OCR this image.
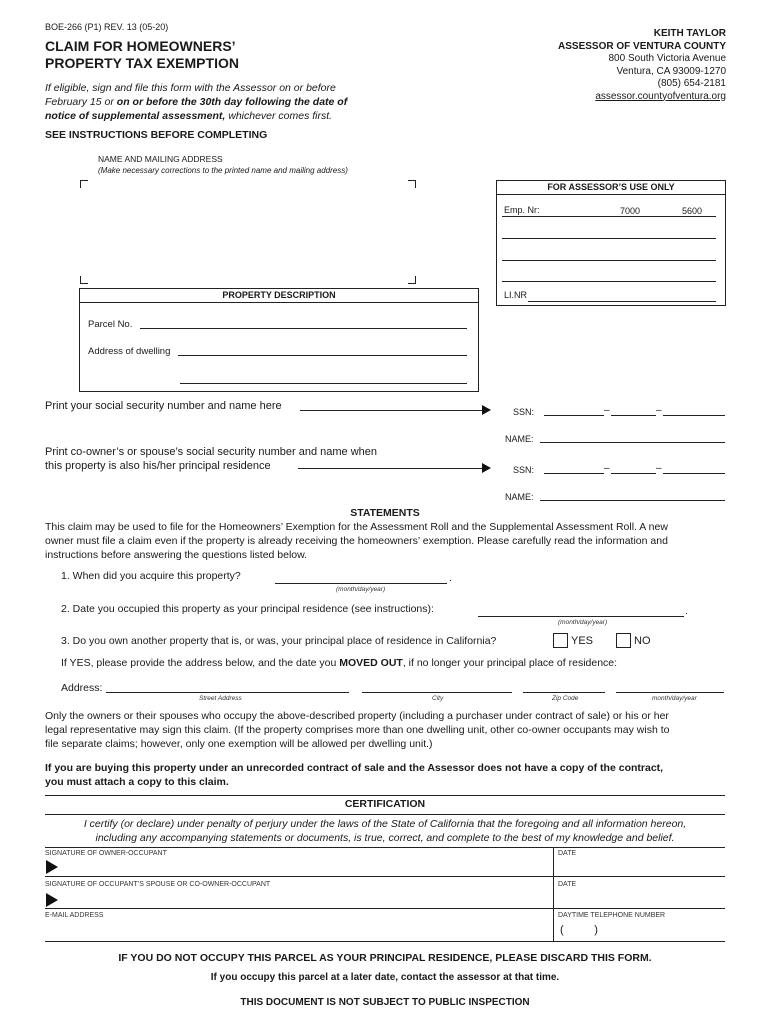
BOE-266 (P1) REV. 13 (05-20)
CLAIM FOR HOMEOWNERS’
PROPERTY TAX EXEMPTION
If eligible, sign and file this form with the Assessor on or before
February 15 or on or before the 30th day following the date of
notice of supplemental assessment, whichever comes first.
SEE INSTRUCTIONS BEFORE COMPLETING
KEITH TAYLOR
ASSESSOR OF VENTURA COUNTY
800 South Victoria Avenue
Ventura, CA 93009-1270
(805) 654-2181
assessor.countyofventura.org
NAME AND MAILING ADDRESS
(Make necessary corrections to the printed name and mailing address)
FOR ASSESSOR’S USE ONLY
Emp. Nr:	7000	5600
LI.NR
PROPERTY DESCRIPTION
Parcel No.
Address of dwelling
Print your social security number and name here	SSN:	–	–
NAME:
Print co-owner’s or spouse’s social security number and name when
this property is also his/her principal residence	SSN:	–	–
NAME:
STATEMENTS
This claim may be used to file for the Homeowners’ Exemption for the Assessment Roll and the Supplemental Assessment Roll. A new
owner must file a claim even if the property is already receiving the homeowners’ exemption. Please carefully read the information and
instructions before answering the questions listed below.
1. When did you acquire this property?	.
(month/day/year)
2. Date you occupied this property as your principal residence (see instructions):	.
(month/day/year)
3. Do you own another property that is, or was, your principal place of residence in California?	YES	NO
If YES, please provide the address below, and the date you MOVED OUT, if no longer your principal place of residence:
Address:
Street Address	City	Zip Code	month/day/year
Only the owners or their spouses who occupy the above-described property (including a purchaser under contract of sale) or his or her
legal representative may sign this claim. (If the property comprises more than one dwelling unit, other co-owner occupants may wish to
file separate claims; however, only one exemption will be allowed per dwelling unit.)
If you are buying this property under an unrecorded contract of sale and the Assessor does not have a copy of the contract,
you must attach a copy to this claim.
CERTIFICATION
I certify (or declare) under penalty of perjury under the laws of the State of California that the foregoing and all information hereon,
including any accompanying statements or documents, is true, correct, and complete to the best of my knowledge and belief.
SIGNATURE OF OWNER-OCCUPANT	DATE
SIGNATURE OF OCCUPANT’S SPOUSE OR CO-OWNER-OCCUPANT	DATE
E-MAIL ADDRESS	DAYTIME TELEPHONE NUMBER
(          )
IF YOU DO NOT OCCUPY THIS PARCEL AS YOUR PRINCIPAL RESIDENCE, PLEASE DISCARD THIS FORM.
If you occupy this parcel at a later date, contact the assessor at that time.
THIS DOCUMENT IS NOT SUBJECT TO PUBLIC INSPECTION
